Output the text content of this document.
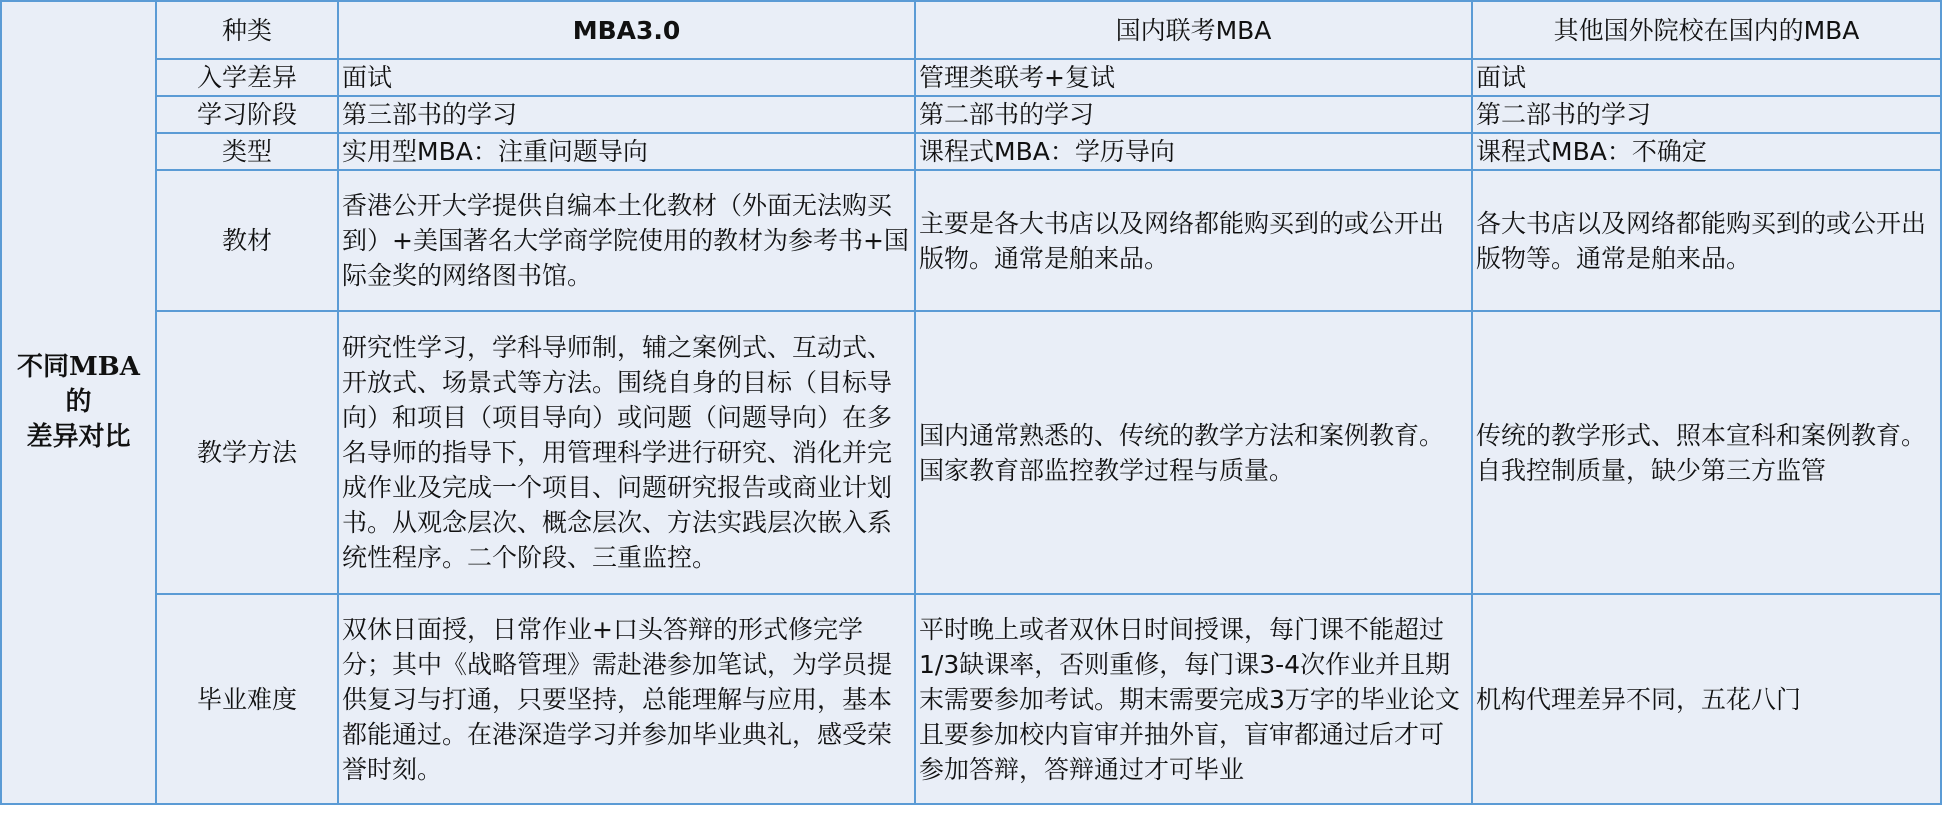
不同MBA的
差异对比	种类	MBA3.0	国内联考MBA	其他国外院校在国内的MBA
	入学差异	面试	管理类联考+复试	面试
	学习阶段	第三部书的学习	第二部书的学习	第二部书的学习
	类型	实用型MBA：注重问题导向	课程式MBA：学历导向	课程式MBA：不确定
	教材	香港公开大学提供自编本土化教材（外面无法购买到）+美国著名大学商学院使用的教材为参考书+国际金奖的网络图书馆。	主要是各大书店以及网络都能购买到的或公开出版物。通常是舶来品。	各大书店以及网络都能购买到的或公开出版物等。通常是舶来品。
	教学方法	研究性学习，学科导师制，辅之案例式、互动式、开放式、场景式等方法。围绕自身的目标（目标导向）和项目（项目导向）或问题（问题导向）在多名导师的指导下，用管理科学进行研究、消化并完成作业及完成一个项目、问题研究报告或商业计划书。从观念层次、概念层次、方法实践层次嵌入系统性程序。二个阶段、三重监控。	国内通常熟悉的、传统的教学方法和案例教育。国家教育部监控教学过程与质量。	传统的教学形式、照本宣科和案例教育。自我控制质量，缺少第三方监管
	毕业难度	双休日面授，日常作业+口头答辩的形式修完学分；其中《战略管理》需赴港参加笔试，为学员提供复习与打通，只要坚持，总能理解与应用，基本都能通过。在港深造学习并参加毕业典礼，感受荣誉时刻。	平时晚上或者双休日时间授课，每门课不能超过1/3缺课率，否则重修，每门课3-4次作业并且期末需要参加考试。期末需要完成3万字的毕业论文且要参加校内盲审并抽外盲，盲审都通过后才可参加答辩，答辩通过才可毕业	机构代理差异不同，五花八门
